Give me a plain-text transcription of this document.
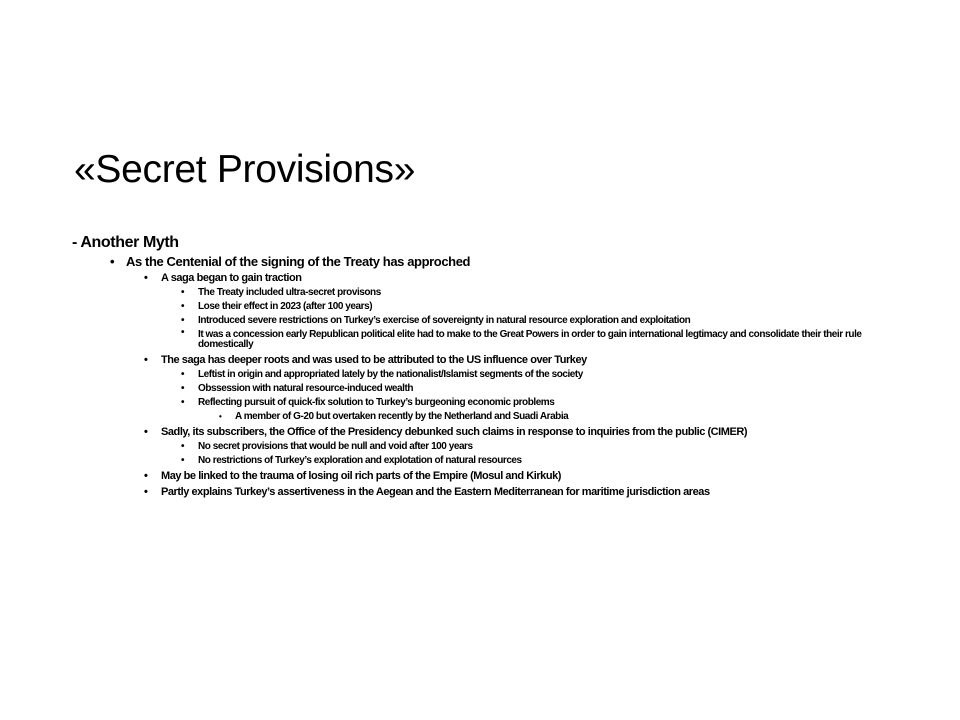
«Secret Provisions»
- Another Myth
• As the Centenial of the signing of the Treaty has approched
• A saga began to gain traction
• The Treaty included ultra-secret provisons
• Lose their effect in 2023 (after 100 years)
• Introduced severe restrictions on Turkey’s exercise of sovereignty in natural resource exploration and exploitation
• It was a concession early Republican political elite had to make to the Great Powers in order to gain international legtimacy and consolidate their their rule domestically
• The saga has deeper roots and was used to be attributed to the US influence over Turkey
• Leftist in origin and appropriated lately by the nationalist/Islamist segments of the society
• Obssession with natural resource-induced wealth
• Reflecting pursuit of quick-fix solution to Turkey’s burgeoning economic problems
• A member of G-20 but overtaken recently by the Netherland and Suadi Arabia
• Sadly, its subscribers, the Office of the Presidency debunked such claims in response to inquiries from the public (CIMER)
• No secret provisions that would be null and void after 100 years
• No restrictions of Turkey’s exploration and explotation of natural resources
• May be linked to the trauma of losing oil rich parts of the Empire (Mosul and Kirkuk)
• Partly explains Turkey’s assertiveness in the Aegean and the Eastern Mediterranean for maritime jurisdiction areas
